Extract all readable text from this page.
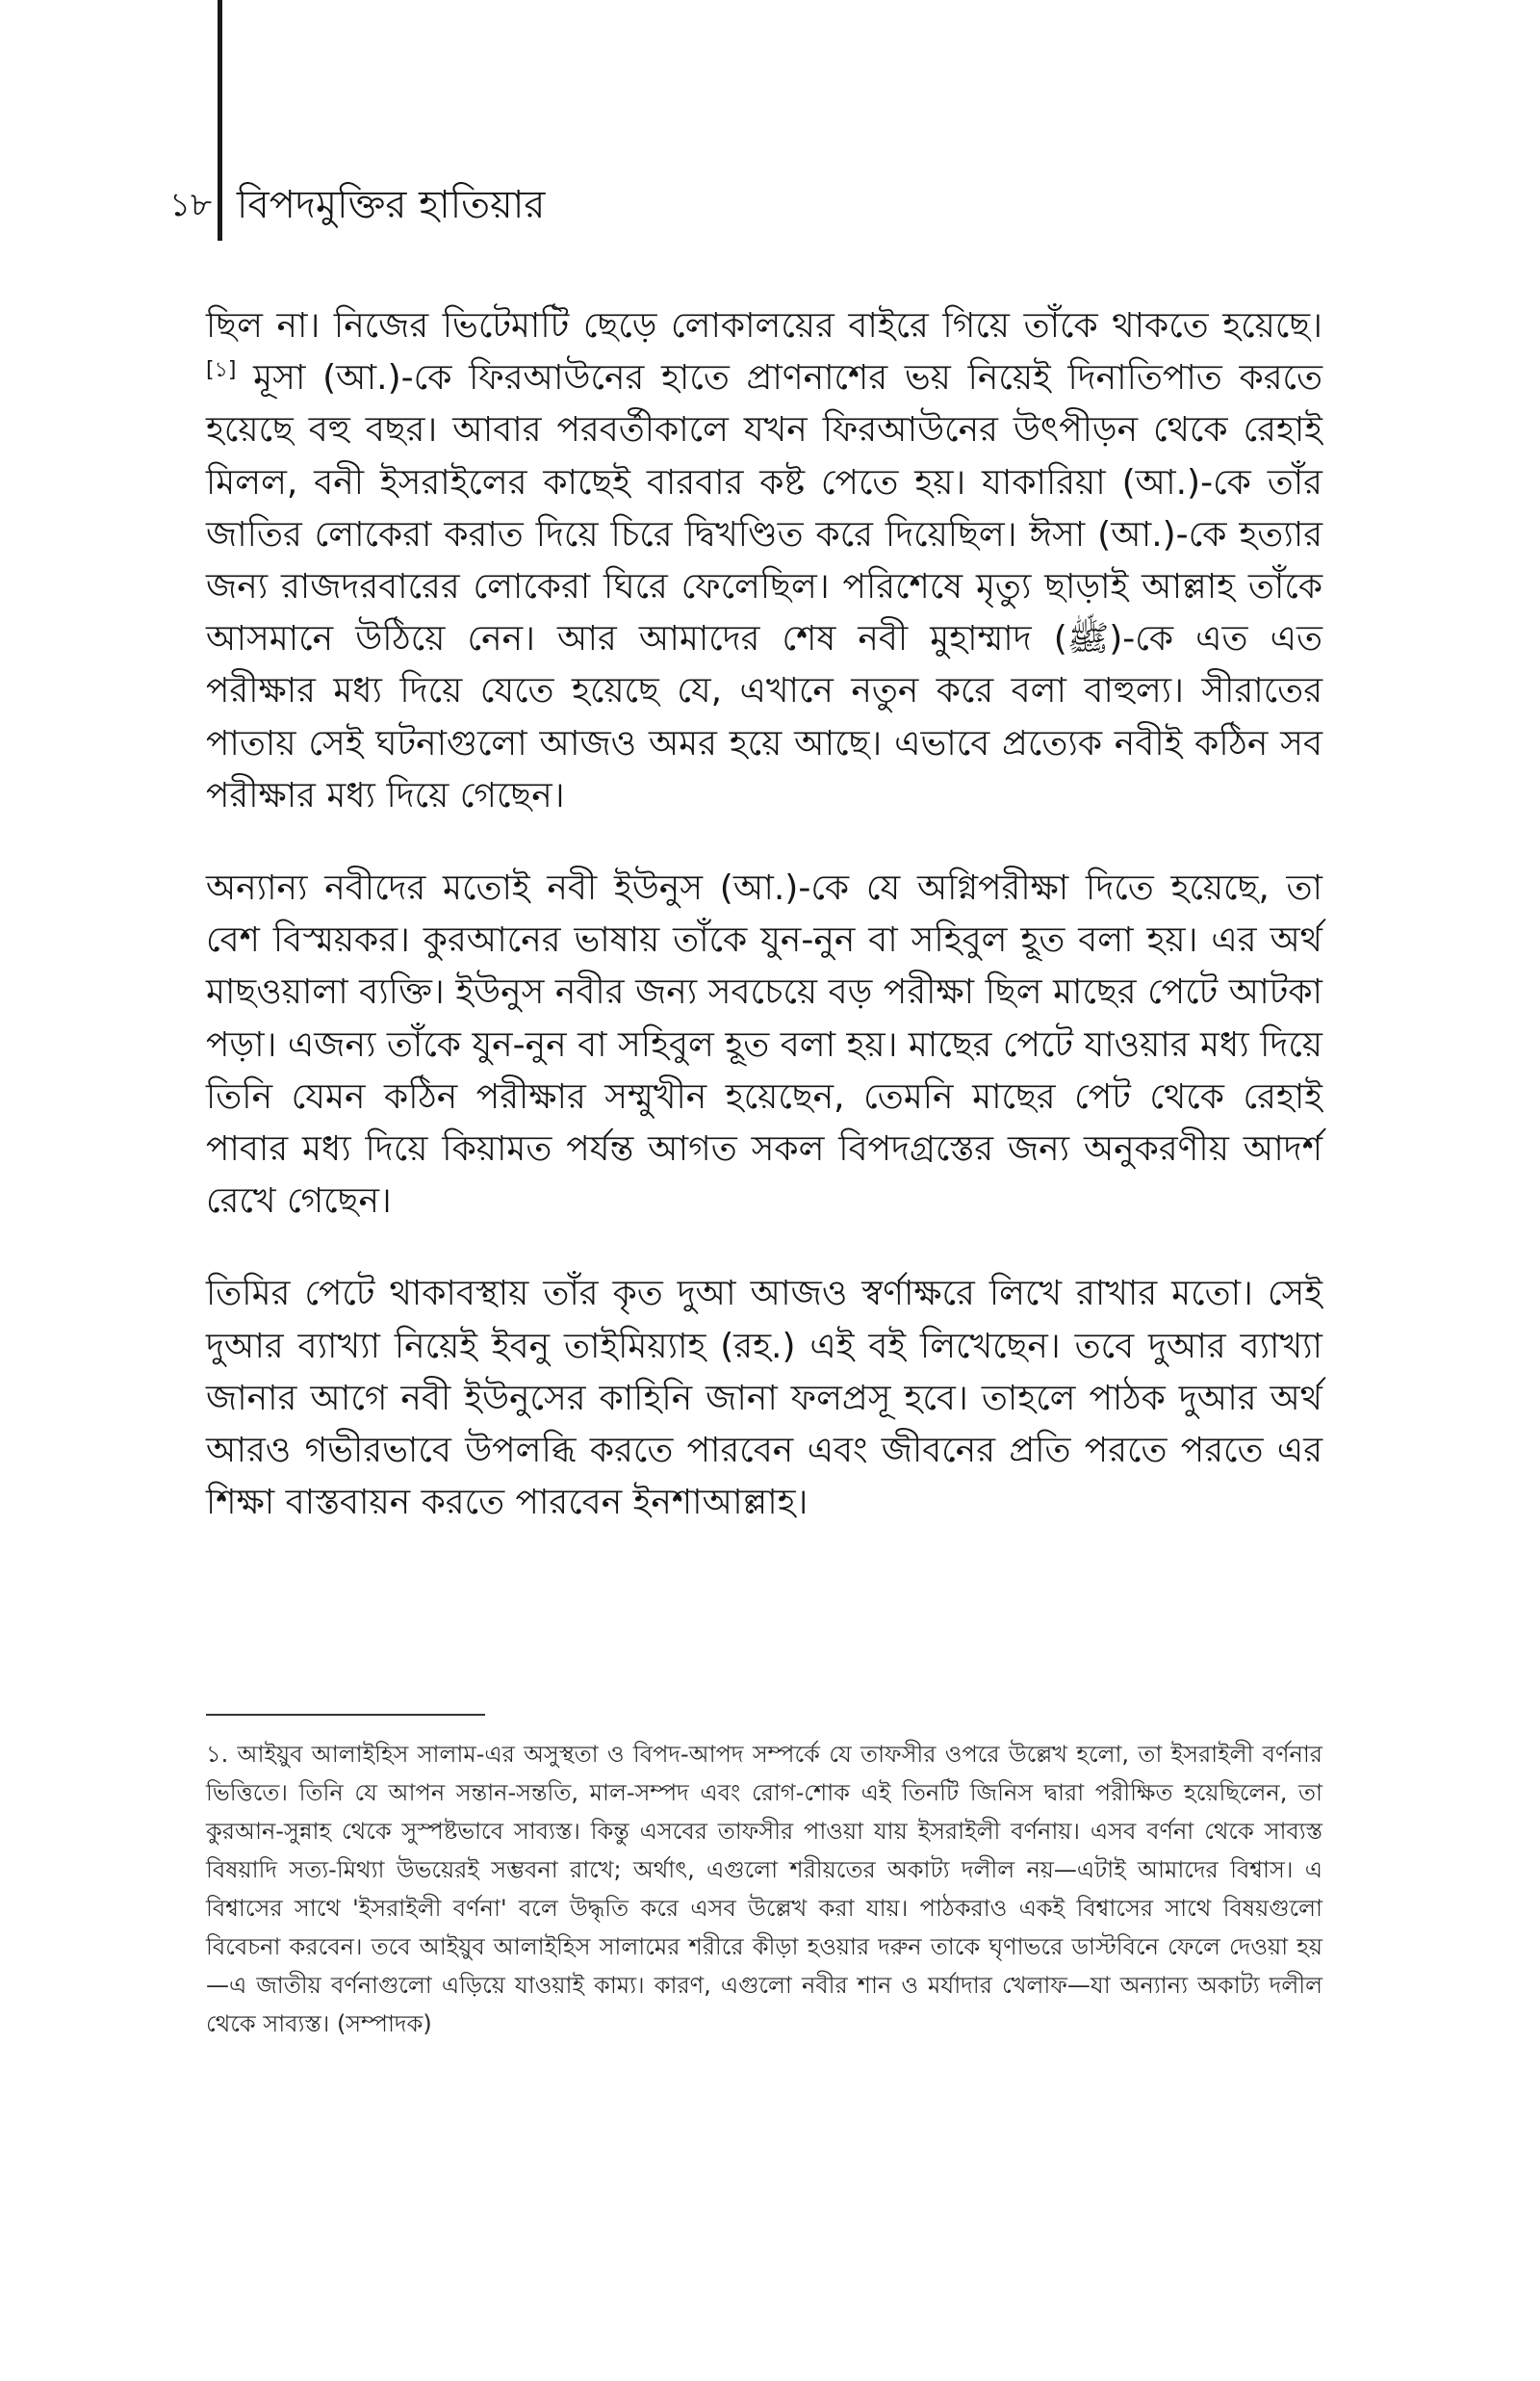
১৮ বিপদমুক্তির হাতিয়ার

ছিল না। নিজের ভিটেমাটি ছেড়ে লোকালয়ের বাইরে গিয়ে তাঁকে থাকতে হয়েছে।[১] মূসা (আ.)-কে ফিরআউনের হাতে প্রাণনাশের ভয় নিয়েই দিনাতিপাত করতে হয়েছে বহু বছর। আবার পরবর্তীকালে যখন ফিরআউনের উৎপীড়ন থেকে রেহাই মিলল, বনী ইসরাইলের কাছেই বারবার কষ্ট পেতে হয়। যাকারিয়া (আ.)-কে তাঁর জাতির লোকেরা করাত দিয়ে চিরে দ্বিখণ্ডিত করে দিয়েছিল। ঈসা (আ.)-কে হত্যার জন্য রাজদরবারের লোকেরা ঘিরে ফেলেছিল। পরিশেষে মৃত্যু ছাড়াই আল্লাহ তাঁকে আসমানে উঠিয়ে নেন। আর আমাদের শেষ নবী মুহাম্মাদ (ﷺ)-কে এত এত পরীক্ষার মধ্য দিয়ে যেতে হয়েছে যে, এখানে নতুন করে বলা বাহুল্য। সীরাতের পাতায় সেই ঘটনাগুলো আজও অমর হয়ে আছে। এভাবে প্রত্যেক নবীই কঠিন সব পরীক্ষার মধ্য দিয়ে গেছেন।

অন্যান্য নবীদের মতোই নবী ইউনুস (আ.)-কে যে অগ্নিপরীক্ষা দিতে হয়েছে, তা বেশ বিস্ময়কর। কুরআনের ভাষায় তাঁকে যুন-নুন বা সহিবুল হূত বলা হয়। এর অর্থ মাছওয়ালা ব্যক্তি। ইউনুস নবীর জন্য সবচেয়ে বড় পরীক্ষা ছিল মাছের পেটে আটকা পড়া। এজন্য তাঁকে যুন-নুন বা সহিবুল হূত বলা হয়। মাছের পেটে যাওয়ার মধ্য দিয়ে তিনি যেমন কঠিন পরীক্ষার সম্মুখীন হয়েছেন, তেমনি মাছের পেট থেকে রেহাই পাবার মধ্য দিয়ে কিয়ামত পর্যন্ত আগত সকল বিপদগ্রস্তের জন্য অনুকরণীয় আদর্শ রেখে গেছেন।

তিমির পেটে থাকাবস্থায় তাঁর কৃত দুআ আজও স্বর্ণাক্ষরে লিখে রাখার মতো। সেই দুআর ব্যাখ্যা নিয়েই ইবনু তাইমিয়্যাহ (রহ.) এই বই লিখেছেন। তবে দুআর ব্যাখ্যা জানার আগে নবী ইউনুসের কাহিনি জানা ফলপ্রসূ হবে। তাহলে পাঠক দুআর অর্থ আরও গভীরভাবে উপলব্ধি করতে পারবেন এবং জীবনের প্রতি পরতে পরতে এর শিক্ষা বাস্তবায়ন করতে পারবেন ইনশাআল্লাহ।

১. আইয়ুব আলাইহিস সালাম-এর অসুস্থতা ও বিপদ-আপদ সম্পর্কে যে তাফসীর ওপরে উল্লেখ হলো, তা ইসরাইলী বর্ণনার ভিত্তিতে। তিনি যে আপন সন্তান-সন্ততি, মাল-সম্পদ এবং রোগ-শোক এই তিনটি জিনিস দ্বারা পরীক্ষিত হয়েছিলেন, তা কুরআন-সুন্নাহ থেকে সুস্পষ্টভাবে সাব্যস্ত। কিন্তু এসবের তাফসীর পাওয়া যায় ইসরাইলী বর্ণনায়। এসব বর্ণনা থেকে সাব্যস্ত বিষয়াদি সত্য-মিথ্যা উভয়েরই সম্ভবনা রাখে; অর্থাৎ, এগুলো শরীয়তের অকাট্য দলীল নয়—এটাই আমাদের বিশ্বাস। এ বিশ্বাসের সাথে 'ইসরাইলী বর্ণনা' বলে উদ্ধৃতি করে এসব উল্লেখ করা যায়। পাঠকরাও একই বিশ্বাসের সাথে বিষয়গুলো বিবেচনা করবেন। তবে আইয়ুব আলাইহিস সালামের শরীরে কীড়া হওয়ার দরুন তাকে ঘৃণাভরে ডাস্টবিনে ফেলে দেওয়া হয়—এ জাতীয় বর্ণনাগুলো এড়িয়ে যাওয়াই কাম্য। কারণ, এগুলো নবীর শান ও মর্যাদার খেলাফ—যা অন্যান্য অকাট্য দলীল থেকে সাব্যস্ত। (সম্পাদক)
